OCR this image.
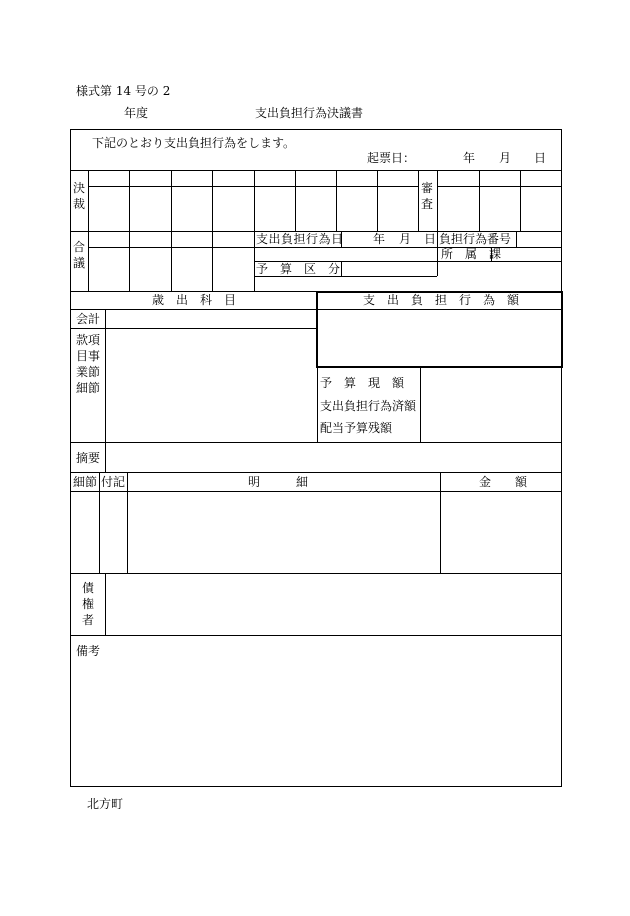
様式第 14 号の 2
年度	支出負担行為決議書
下記のとおり支出負担行為をします。
起票日：	年 月 日
決裁
審査
合議
支出負担行為日 年 月 日 負担行為番号
所　属　課
予　算　区　分
歳　出　科　目	支　出　負　担　行　為　額
会計
款項目事業節細節	予　算　現　額
支出負担行為済額
配当予算残額
摘要
細節 付記	明　　　細	金　　額
債権者
備考
北方町
